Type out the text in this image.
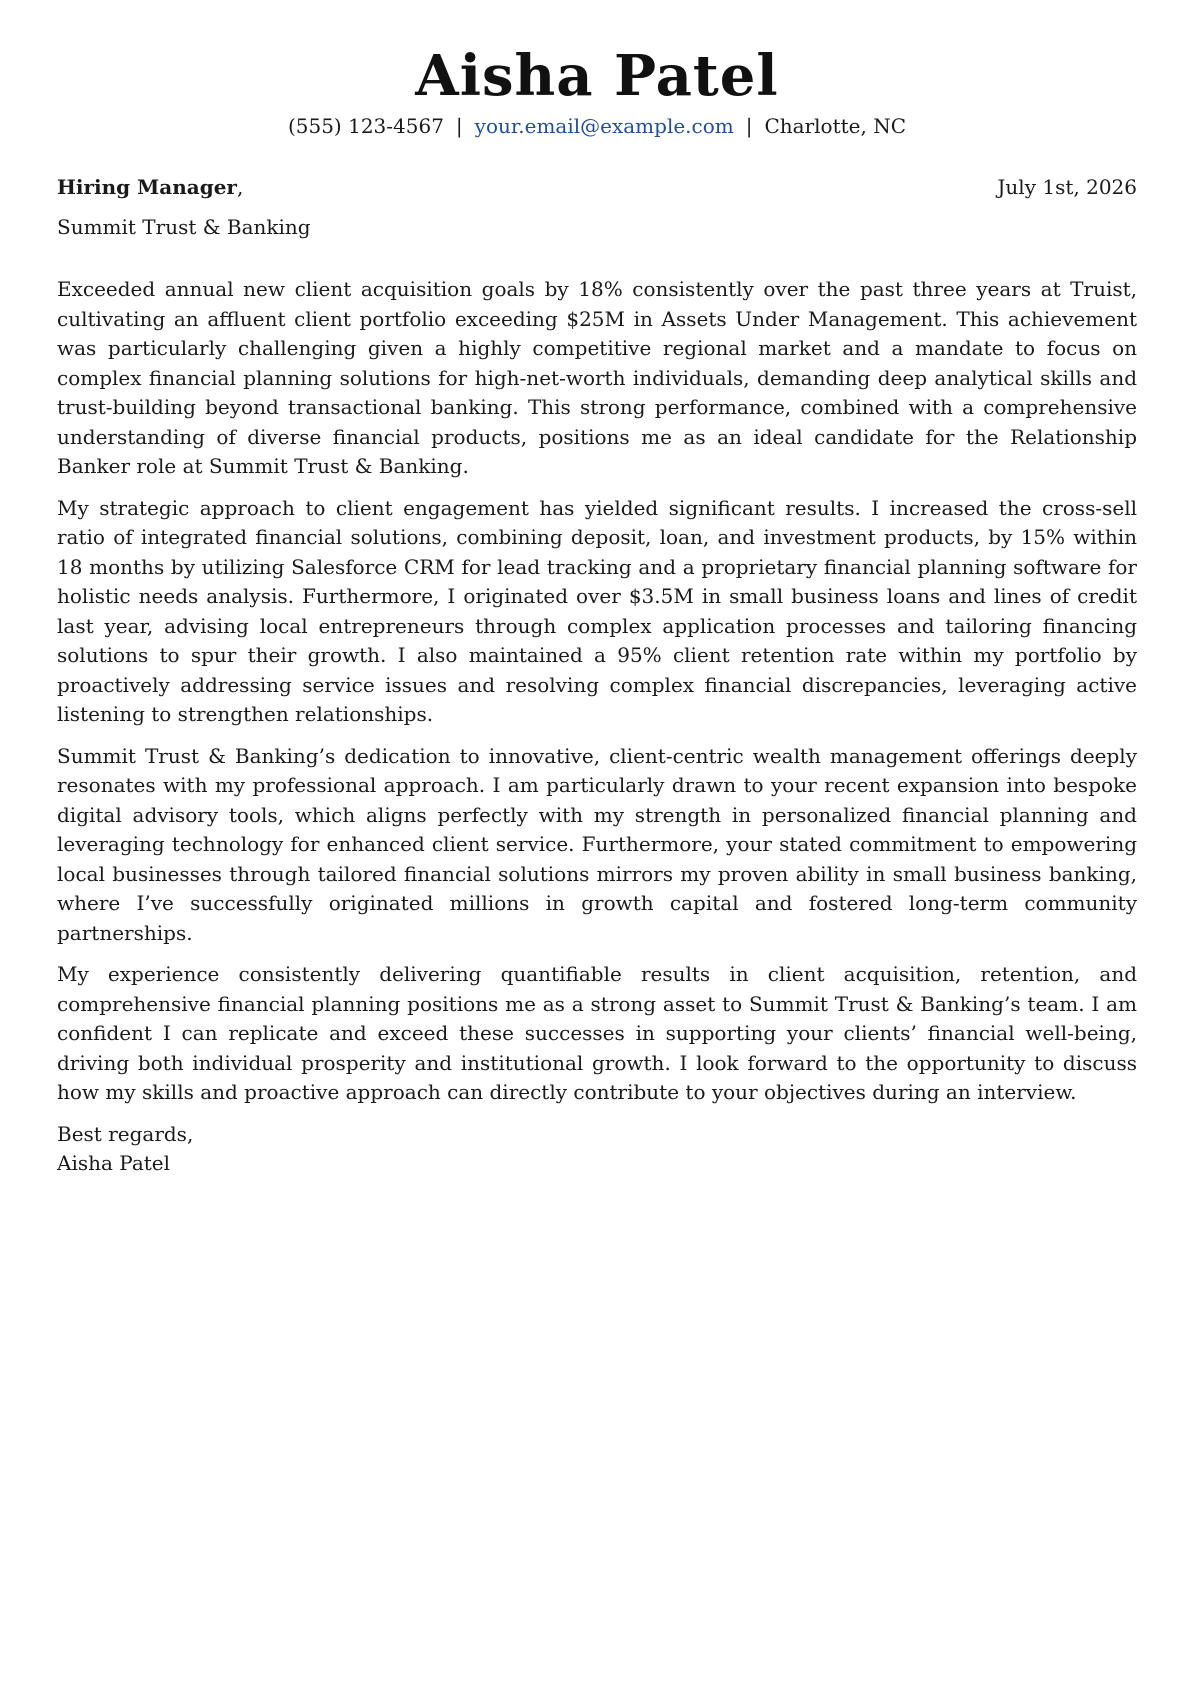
Aisha Patel
(555) 123-4567 | your.email@example.com | Charlotte, NC
Hiring Manager,	July 1st, 2026
Summit Trust & Banking

Exceeded annual new client acquisition goals by 18% consistently over the past three years at Truist, cultivating an affluent client portfolio exceeding $25M in Assets Under Management. This achievement was particularly challenging given a highly competitive regional market and a mandate to focus on complex financial planning solutions for high-net-worth individuals, demanding deep analytical skills and trust-building beyond transactional banking. This strong performance, combined with a comprehensive understanding of diverse financial products, positions me as an ideal candidate for the Relationship Banker role at Summit Trust & Banking.

My strategic approach to client engagement has yielded significant results. I increased the cross-sell ratio of integrated financial solutions, combining deposit, loan, and investment products, by 15% within 18 months by utilizing Salesforce CRM for lead tracking and a proprietary financial planning software for holistic needs analysis. Furthermore, I originated over $3.5M in small business loans and lines of credit last year, advising local entrepreneurs through complex application processes and tailoring financing solutions to spur their growth. I also maintained a 95% client retention rate within my portfolio by proactively addressing service issues and resolving complex financial discrepancies, leveraging active listening to strengthen relationships.

Summit Trust & Banking’s dedication to innovative, client-centric wealth management offerings deeply resonates with my professional approach. I am particularly drawn to your recent expansion into bespoke digital advisory tools, which aligns perfectly with my strength in personalized financial planning and leveraging technology for enhanced client service. Furthermore, your stated commitment to empowering local businesses through tailored financial solutions mirrors my proven ability in small business banking, where I’ve successfully originated millions in growth capital and fostered long-term community partnerships.

My experience consistently delivering quantifiable results in client acquisition, retention, and comprehensive financial planning positions me as a strong asset to Summit Trust & Banking’s team. I am confident I can replicate and exceed these successes in supporting your clients’ financial well-being, driving both individual prosperity and institutional growth. I look forward to the opportunity to discuss how my skills and proactive approach can directly contribute to your objectives during an interview.

Best regards,
Aisha Patel
